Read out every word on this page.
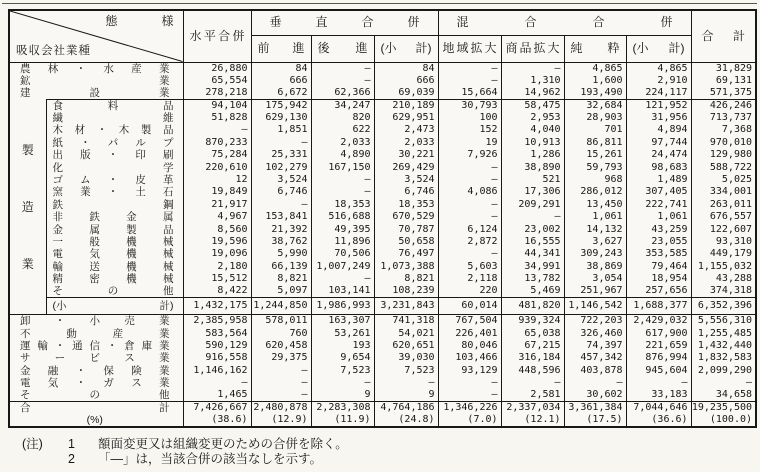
態 様
吸収会社業種		水 平 合 併	垂 直 合 併			混 合 合 併				合 計

			前 進	後 進	(小 計)	地 域 拡 大	商 品 拡 大	純 粋	(小 計)	

農 林 ・ 水 産 業	26,880	84	—	84	—	—	4,865	4,865	31,829

鉱 業		65,554	666	—	666	—	1,310	1,600	2,910	69,131

建 設 業		278,218	6,672	62,366	69,039	15,664	14,962	193,490	224,117	571,375

製
造
業	食 料 品	94,104	175,942	34,247	210,189	30,793	58,475	32,684	121,952	426,246

	繊 維	51,828	629,130	820	629,951	100	2,953	28,903	31,956	713,737

木 材 ・ 木 製 品	—	1,851	622	2,473	152	4,040	701	4,894	7,368

	紙 ・ パ ル プ	870,233	—	2,033	2,033	19	10,913	86,811	97,744	970,010

	出 版 ・ 印 刷	75,284	25,331	4,890	30,221	7,926	1,286	15,261	24,474	129,980

	化 学	220,610	102,279	167,150	269,429	—	38,890	59,793	98,683	588,722

	ゴ ム ・ 皮 革	12	3,524	—	3,524	—	521	968	1,489	5,025

	窯 業 ・ 土 石	19,849	6,746	—	6,746	4,086	17,306	286,012	307,405	334,001

	鉄 鋼	21,917	—	18,353	18,353	—	209,291	13,450	222,741	263,011

	非 鉄 金 属	4,967	153,841	516,688	670,529	—	—	1,061	1,061	676,557

	金 属 製 品	8,560	21,392	49,395	70,787	6,124	23,002	14,132	43,259	122,607

	一 般 機 械	19,596	38,762	11,896	50,658	2,872	16,555	3,627	23,055	93,310

	電 気 機 械	19,096	5,990	70,506	76,497	—	44,341	309,243	353,585	449,179

	輸 送 機 械	2,180	66,139	1,007,249	1,073,388	5,603	34,991	38,869	79,464	1,155,032

	精 密 機 械	15,512	8,821	—	8,821	2,118	13,782	3,054	18,954	43,288

	そ の 他	8,422	5,097	103,141	108,239	220	5,469	251,967	257,656	374,318

	(小 計)	1,432,175	1,244,850	1,986,993	3,231,843	60,014	481,820	1,146,542	1,688,377	6,352,396

卸 ・ 小 売 業		2,385,958	578,011	163,307	741,318	767,504	939,324	722,203	2,429,032	5,556,310

不 動 産 業		583,564	760	53,261	54,021	226,401	65,038	326,460	617,900	1,255,485

運 輸 ・ 通 信 ・ 倉 庫 業	590,129	620,458	193	620,651	80,046	67,215	74,397	221,659	1,432,440

サ ー ビ ス 業		916,558	29,375	9,654	39,030	103,466	316,184	457,342	876,994	1,832,583

金 融 ・ 保 険 業	1,146,162	—	7,523	7,523	93,129	448,596	403,878	945,604	2,099,290

電 気 ・ ガ ス 業	—	—	—	—	—	—	—	—	—

そ の 他		1,465	—	9	9	—	2,581	30,602	33,183	34,658

合 計		7,426,667	2,480,878	2,283,308	4,764,186	1,346,226	2,337,034	3,361,384	7,044,646	19,235,500
(%)		(38.6)	(12.9)	(11.9)	(24.8)	(7.0)	(12.1)	(17.5)	(36.6)	(100.0)
(注)	1	額面変更又は組織変更のための合併を除く。
2	「—」は，当該合併の該当なしを示す。
